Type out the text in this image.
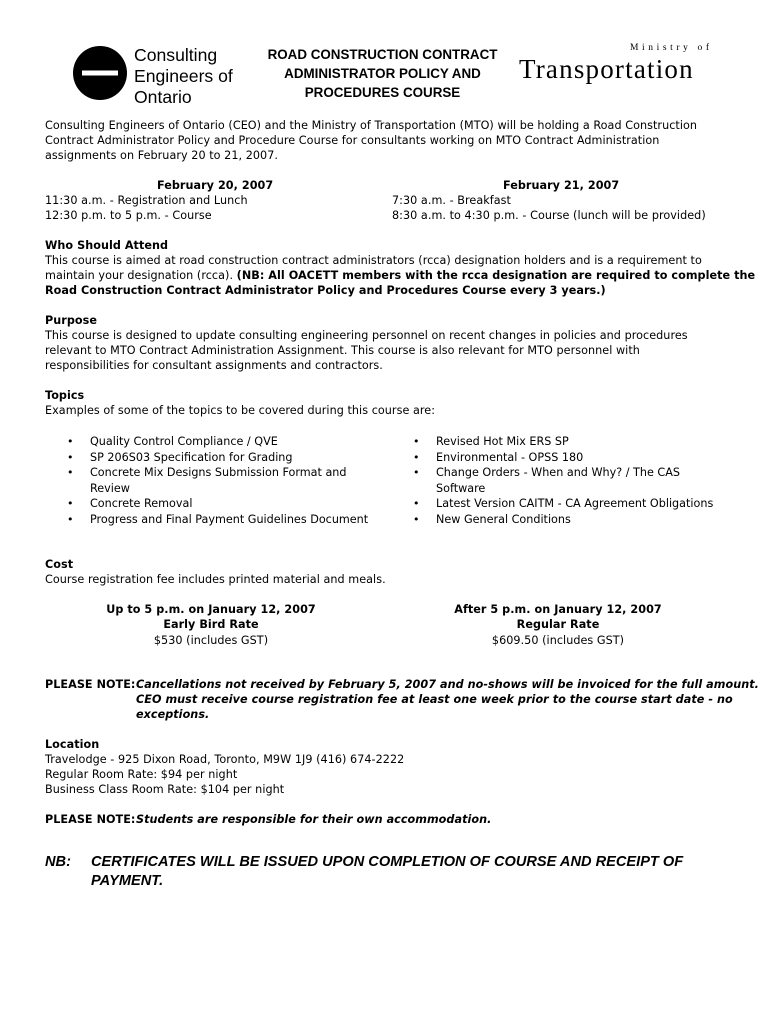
Consulting
Engineers of
Ontario
ROAD CONSTRUCTION CONTRACT
ADMINISTRATOR POLICY AND
PROCEDURES COURSE
Ministry of
Transportation
Consulting Engineers of Ontario (CEO) and the Ministry of Transportation (MTO) will be holding a Road Construction
Contract Administrator Policy and Procedure Course for consultants working on MTO Contract Administration
assignments on February 20 to 21, 2007.
February 20, 2007
11:30 a.m. - Registration and Lunch
12:30 p.m. to 5 p.m. - Course
February 21, 2007
7:30 a.m. - Breakfast
8:30 a.m. to 4:30 p.m. - Course (lunch will be provided)
Who Should Attend
This course is aimed at road construction contract administrators (rcca) designation holders and is a requirement to
maintain your designation (rcca). (NB: All OACETT members with the rcca designation are required to complete the
Road Construction Contract Administrator Policy and Procedures Course every 3 years.)
Purpose
This course is designed to update consulting engineering personnel on recent changes in policies and procedures
relevant to MTO Contract Administration Assignment. This course is also relevant for MTO personnel with
responsibilities for consultant assignments and contractors.
Topics
Examples of some of the topics to be covered during this course are:
• Quality Control Compliance / QVE
• SP 206S03 Specification for Grading
• Concrete Mix Designs Submission Format and
Review
• Concrete Removal
• Progress and Final Payment Guidelines Document
• Revised Hot Mix ERS SP
• Environmental - OPSS 180
• Change Orders - When and Why? / The CAS
Software
• Latest Version CAITM - CA Agreement Obligations
• New General Conditions
Cost
Course registration fee includes printed material and meals.
Up to 5 p.m. on January 12, 2007
Early Bird Rate
$530 (includes GST)
After 5 p.m. on January 12, 2007
Regular Rate
$609.50 (includes GST)
PLEASE NOTE: Cancellations not received by February 5, 2007 and no-shows will be invoiced for the full amount.
CEO must receive course registration fee at least one week prior to the course start date - no
exceptions.
Location
Travelodge - 925 Dixon Road, Toronto, M9W 1J9 (416) 674-2222
Regular Room Rate: $94 per night
Business Class Room Rate: $104 per night
PLEASE NOTE: Students are responsible for their own accommodation.
NB: CERTIFICATES WILL BE ISSUED UPON COMPLETION OF COURSE AND RECEIPT OF
PAYMENT.
